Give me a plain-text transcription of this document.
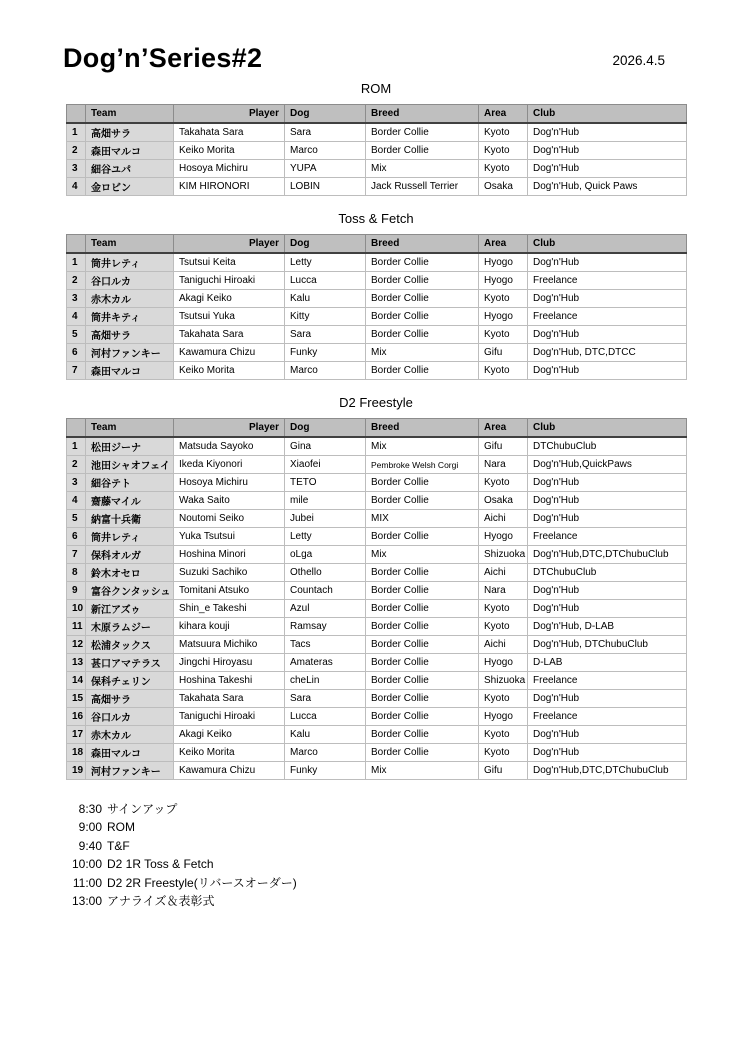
Dog’n’Series#2	2026.4.5
ROM
	Team	Player	Dog	Breed	Area	Club
1	高畑サラ	Takahata Sara	Sara	Border Collie	Kyoto	Dog'n'Hub
2	森田マルコ	Keiko Morita	Marco	Border Collie	Kyoto	Dog'n'Hub
3	細谷ユパ	Hosoya Michiru	YUPA	Mix	Kyoto	Dog'n'Hub
4	金ロビン	KIM HIRONORI	LOBIN	Jack Russell Terrier	Osaka	Dog'n'Hub, Quick Paws
Toss & Fetch
	Team	Player	Dog	Breed	Area	Club
1	筒井レティ	Tsutsui Keita	Letty	Border Collie	Hyogo	Dog'n'Hub
2	谷口ルカ	Taniguchi Hiroaki	Lucca	Border Collie	Hyogo	Freelance
3	赤木カル	Akagi Keiko	Kalu	Border Collie	Kyoto	Dog'n'Hub
4	筒井キティ	Tsutsui Yuka	Kitty	Border Collie	Hyogo	Freelance
5	高畑サラ	Takahata Sara	Sara	Border Collie	Kyoto	Dog'n'Hub
6	河村ファンキー	Kawamura Chizu	Funky	Mix	Gifu	Dog'n'Hub, DTC,DTCC
7	森田マルコ	Keiko Morita	Marco	Border Collie	Kyoto	Dog'n'Hub
D2 Freestyle
	Team	Player	Dog	Breed	Area	Club
1	松田ジーナ	Matsuda Sayoko	Gina	Mix	Gifu	DTChubuClub
2	池田シャオフェイ	Ikeda Kiyonori	Xiaofei	Pembroke Welsh Corgi	Nara	Dog'n'Hub,QuickPaws
3	細谷テト	Hosoya Michiru	TETO	Border Collie	Kyoto	Dog'n'Hub
4	齋藤マイル	Waka Saito	mile	Border Collie	Osaka	Dog'n'Hub
5	納富十兵衛	Noutomi Seiko	Jubei	MIX	Aichi	Dog'n'Hub
6	筒井レティ	Yuka Tsutsui	Letty	Border Collie	Hyogo	Freelance
7	保科オルガ	Hoshina Minori	oLga	Mix	Shizuoka	Dog'n'Hub,DTC,DTChubuClub
8	鈴木オセロ	Suzuki Sachiko	Othello	Border Collie	Aichi	DTChubuClub
9	富谷クンタッシュ	Tomitani Atsuko	Countach	Border Collie	Nara	Dog'n'Hub
10	新江アズゥ	Shin_e Takeshi	Azul	Border Collie	Kyoto	Dog'n'Hub
11	木原ラムジー	kihara kouji	Ramsay	Border Collie	Kyoto	Dog'n'Hub, D-LAB
12	松浦タックス	Matsuura Michiko	Tacs	Border Collie	Aichi	Dog'n'Hub, DTChubuClub
13	甚口アマテラス	Jingchi Hiroyasu	Amateras	Border Collie	Hyogo	D-LAB
14	保科チェリン	Hoshina Takeshi	cheLin	Border Collie	Shizuoka	Freelance
15	高畑サラ	Takahata Sara	Sara	Border Collie	Kyoto	Dog'n'Hub
16	谷口ルカ	Taniguchi Hiroaki	Lucca	Border Collie	Hyogo	Freelance
17	赤木カル	Akagi Keiko	Kalu	Border Collie	Kyoto	Dog'n'Hub
18	森田マルコ	Keiko Morita	Marco	Border Collie	Kyoto	Dog'n'Hub
19	河村ファンキー	Kawamura Chizu	Funky	Mix	Gifu	Dog'n'Hub,DTC,DTChubuClub
8:30 サインアップ
9:00 ROM
9:40 T&F
10:00 D2 1R Toss & Fetch
11:00 D2 2R Freestyle(リバースオーダー)
13:00 アナライズ＆表彰式
